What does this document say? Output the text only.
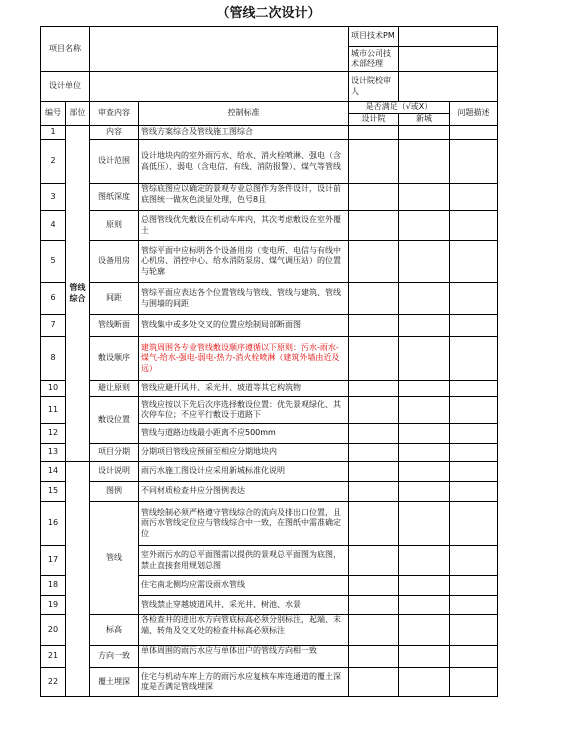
（管线二次设计）
项目名称				项目技术PM		
				城市公司技术部经理		
设计单位				设计院校审人		
编号	部位	审查内容	控制标准	是否满足（√或X）		问题描述
				设计院	新城	
1	管线综合	内容	管线方案综合及管线施工图综合			
2		设计范围	设计地块内的室外雨污水、给水、消火栓喷淋、强电（含高低压）、弱电（含电信、有线、消防报警）、煤气等管线			
3		图纸深度	管综底图应以确定的景观专业总图作为条件设计，设计前底图统一做灰色淡显处理，色号8且			

4		原则	总图管线优先敷设在机动车库内，其次考虑敷设在室外覆土			
5		设备用房	管综平面中应标明各个设备用房（变电所、电信与有线中心机房、消控中心、给水消防泵房、煤气调压站）的位置与轮廓			
6		间距	管综平面应表达各个位置管线与管线、管线与建筑、管线与围墙的间距			
7		管线断面	管线集中或多处交叉的位置应绘制局部断面图			
8		敷设顺序	建筑周围各专业管线敷设顺序遵循以下原则：污水-雨水-煤气-给水-强电-弱电-热力-消火栓喷淋（建筑外墙由近及远）			
10		避让原则	管线应避开风井、采光井、坡道等其它构筑物			
11		敷设位置	管线应按以下先后次序选择敷设位置：优先景观绿化、其次停车位；不应平行敷设于道路下			
12			管线与道路边线最小距离不应500mm			
13		项目分期	分期项目管线应预留至相应分期地块内			
14		设计说明	雨污水施工图设计应采用新城标准化说明			
15		图例	不同材质检查井应分图例表达			
16		管线	管线绘制必须严格遵守管线综合的流向及排出口位置，且雨污水管线定位应与管线综合中一致，在图纸中需准确定位			
17			室外雨污水的总平面图需以提供的景观总平面图为底图，禁止直接套用规划总图			
18			住宅南北侧均应需设雨水管线			
19			管线禁止穿越坡道风井、采光井、树池、水景			
20		标高	各检查井的进出水方向管底标高必须分别标注，起端、末端、转角及交叉处的检查井标高必须标注			

21		方向一致	单体周围的雨污水应与单体出户的管线方向相一致			

22		覆土埋深	住宅与机动车库上方的雨污水应复核车库连通道的覆土深度是否满足管线埋深			
